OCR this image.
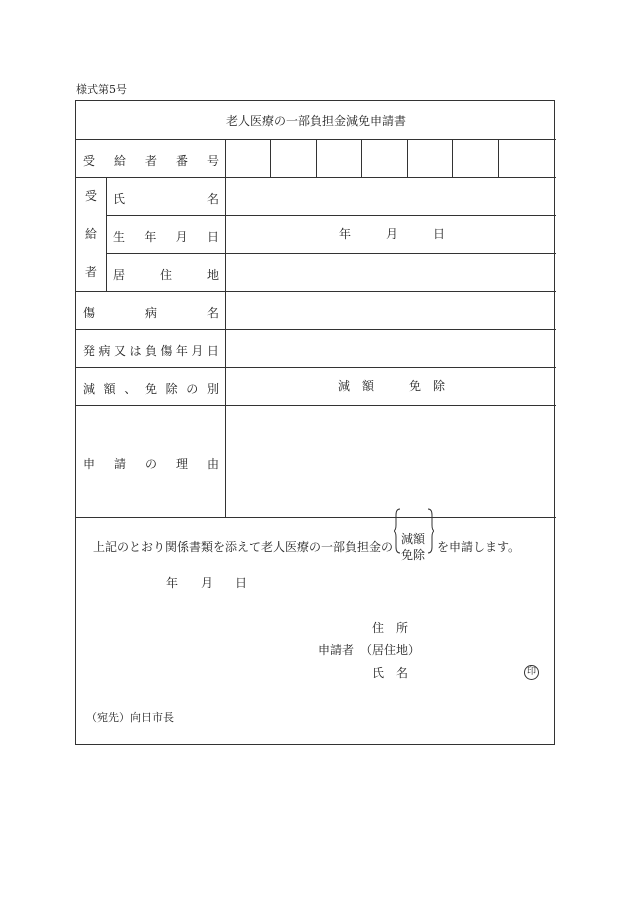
様式第5号
老人医療の一部負担金減免申請書
受 給 者 番 号
受
給
者
氏	名
生 年 月 日	年	月	日
居	住	地
傷	病	名
発 病 又 は 負 傷 年 月 日
減 額 、 免 除 の 別	減　額	免　除
申 請 の 理 由
上記のとおり関係書類を添えて老人医療の一部負担金の
減額
免除
を申請します。
年 月 日
住　所
申請者 （居住地）
氏　名	印
（宛先）向日市長
